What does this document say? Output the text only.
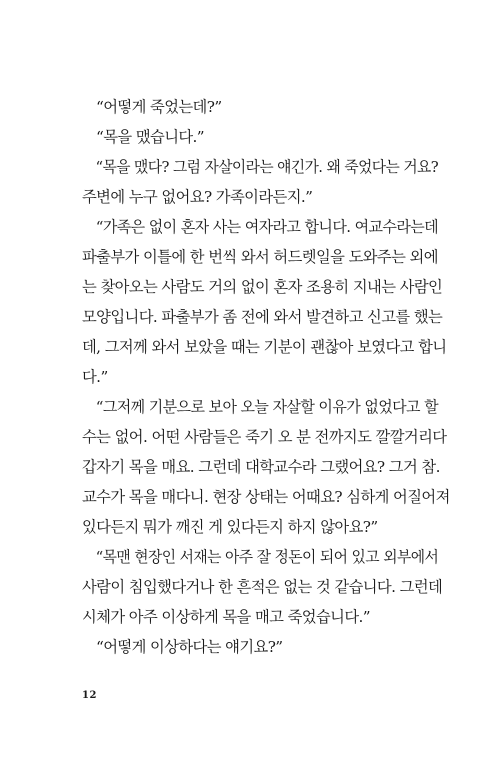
“어떻게 죽었는데?”

“목을 맸습니다.”

“목을 맸다? 그럼 자살이라는 얘긴가. 왜 죽었다는 거요?
주변에 누구 없어요? 가족이라든지.”

“가족은 없이 혼자 사는 여자라고 합니다. 여교수라는데
파출부가 이틀에 한 번씩 와서 허드렛일을 도와주는 외에
는 찾아오는 사람도 거의 없이 혼자 조용히 지내는 사람인
모양입니다. 파출부가 좀 전에 와서 발견하고 신고를 했는
데, 그저께 와서 보았을 때는 기분이 괜찮아 보였다고 합니
다.”

“그저께 기분으로 보아 오늘 자살할 이유가 없었다고 할
수는 없어. 어떤 사람들은 죽기 오 분 전까지도 깔깔거리다
갑자기 목을 매요. 그런데 대학교수라 그랬어요? 그거 참.
교수가 목을 매다니. 현장 상태는 어때요? 심하게 어질어져
있다든지 뭐가 깨진 게 있다든지 하지 않아요?”

“목맨 현장인 서재는 아주 잘 정돈이 되어 있고 외부에서
사람이 침입했다거나 한 흔적은 없는 것 같습니다. 그런데
시체가 아주 이상하게 목을 매고 죽었습니다.”

“어떻게 이상하다는 얘기요?”

12
